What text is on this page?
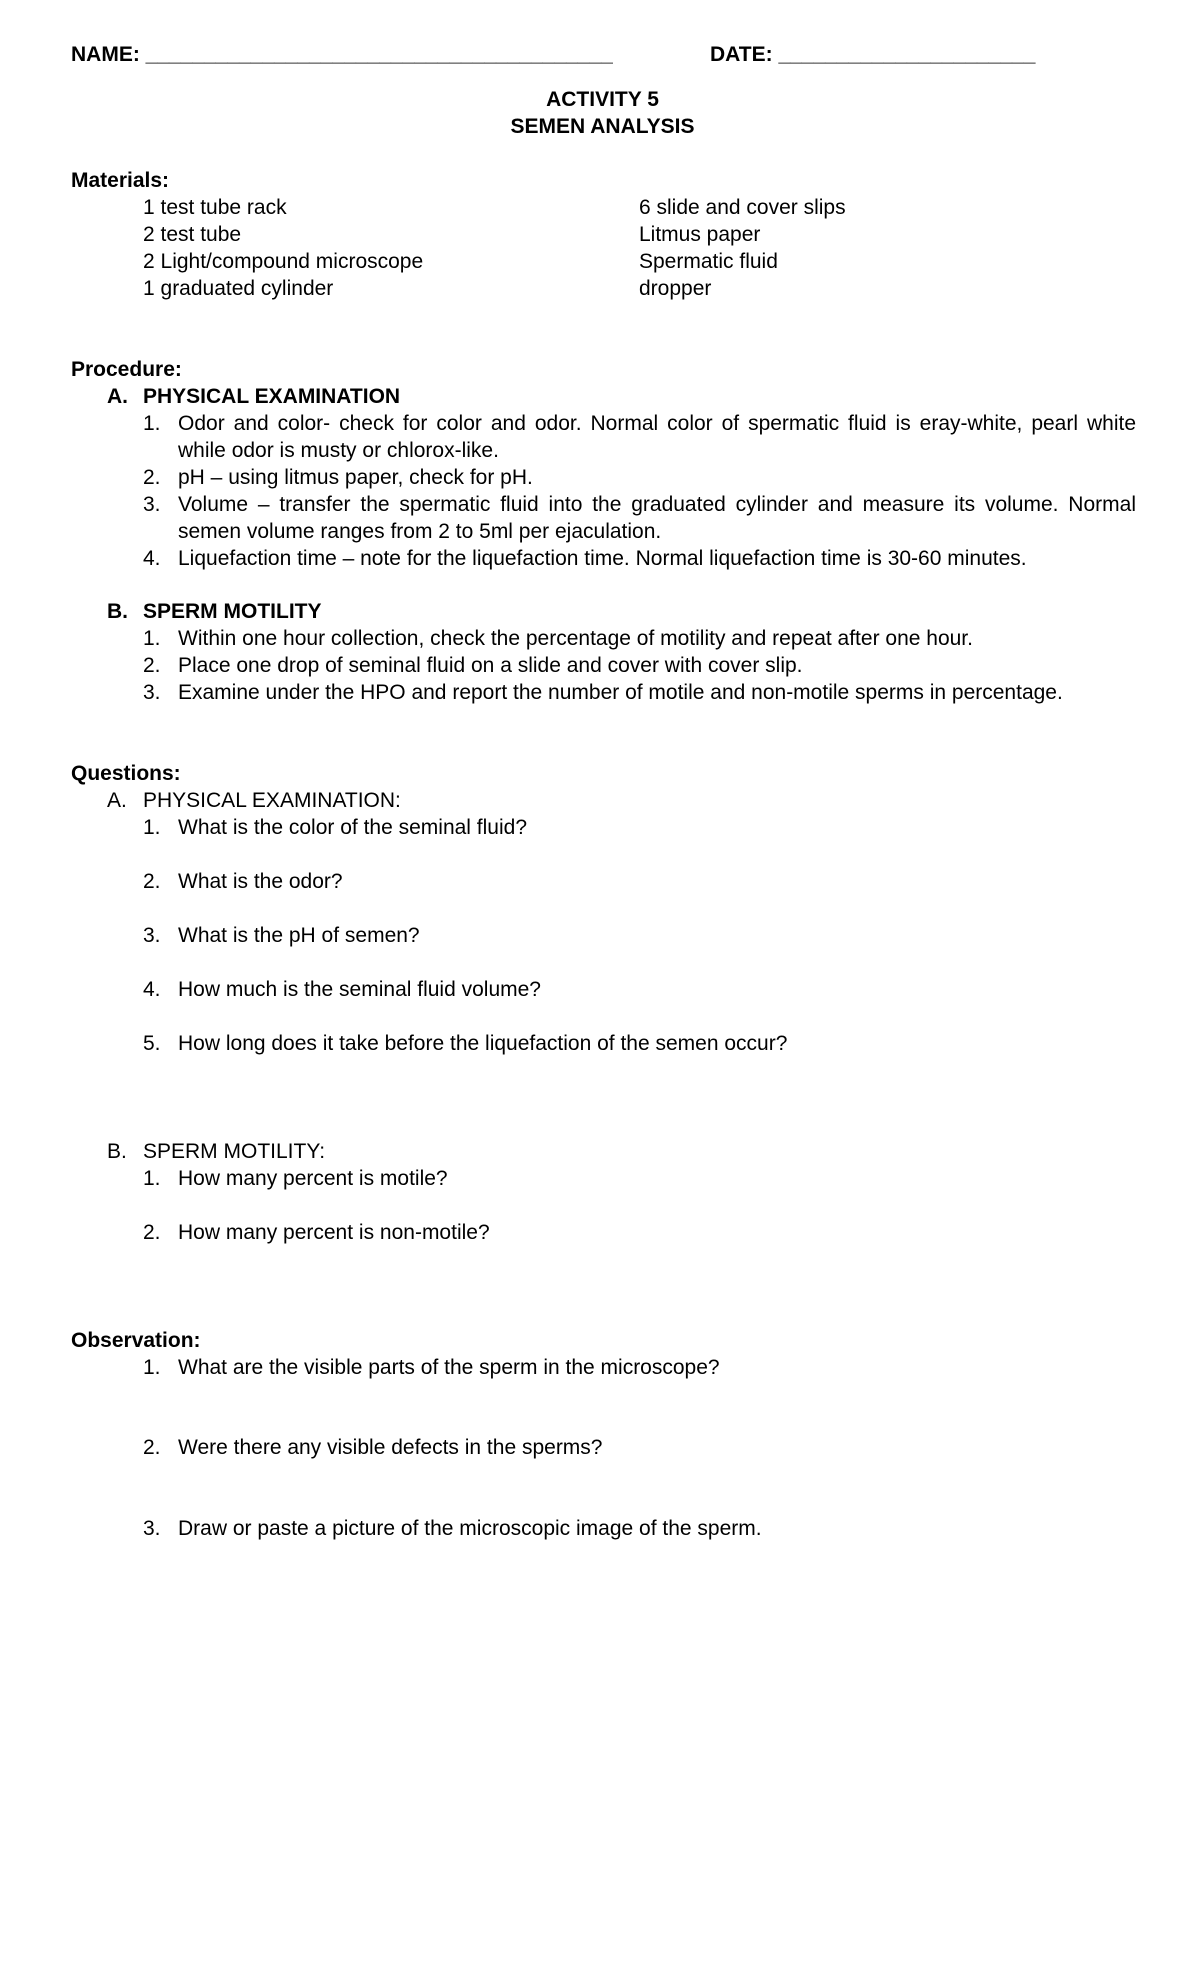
NAME: ________________________________________	DATE: ______________________
ACTIVITY 5
SEMEN ANALYSIS
Materials:
1 test tube rack
2 test tube
2 Light/compound microscope
1 graduated cylinder
6 slide and cover slips
Litmus paper
Spermatic fluid
dropper
Procedure:
A. PHYSICAL EXAMINATION
1. Odor and color- check for color and odor. Normal color of spermatic fluid is eray-white, pearl white
while odor is musty or chlorox-like.
2. pH – using litmus paper, check for pH.
3. Volume – transfer the spermatic fluid into the graduated cylinder and measure its volume. Normal
semen volume ranges from 2 to 5ml per ejaculation.
4. Liquefaction time – note for the liquefaction time. Normal liquefaction time is 30-60 minutes.
B. SPERM MOTILITY
1. Within one hour collection, check the percentage of motility and repeat after one hour.
2. Place one drop of seminal fluid on a slide and cover with cover slip.
3. Examine under the HPO and report the number of motile and non-motile sperms in percentage.
Questions:
A. PHYSICAL EXAMINATION:
1. What is the color of the seminal fluid?
2. What is the odor?
3. What is the pH of semen?
4. How much is the seminal fluid volume?
5. How long does it take before the liquefaction of the semen occur?
B. SPERM MOTILITY:
1. How many percent is motile?
2. How many percent is non-motile?
Observation:
1. What are the visible parts of the sperm in the microscope?
2. Were there any visible defects in the sperms?
3. Draw or paste a picture of the microscopic image of the sperm.
